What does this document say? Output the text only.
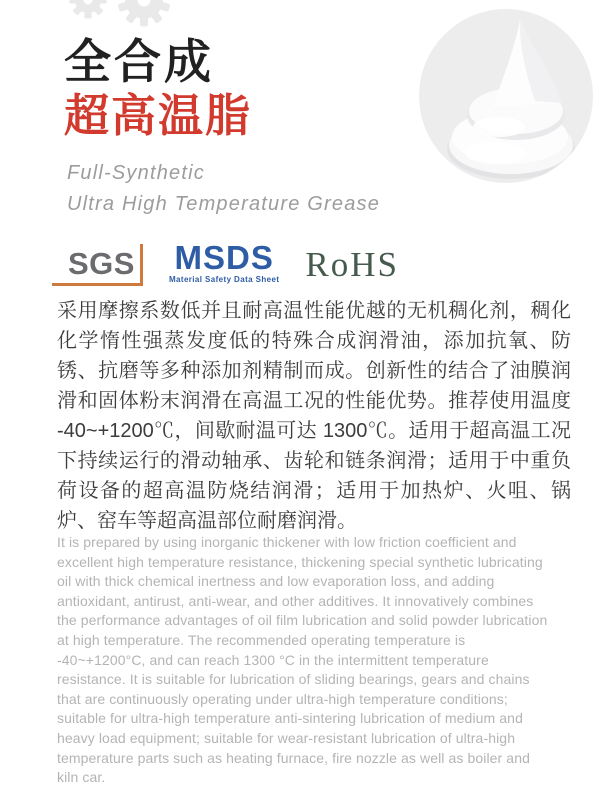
全合成
超高温脂
Full-Synthetic
Ultra High Temperature Grease
SGS MSDS
Material Safety Data Sheet RoHS
采用摩擦系数低并且耐高温性能优越的无机稠化剂，稠化化学惰性强蒸发度低的特殊合成润滑油，添加抗氧、防锈、抗磨等多种添加剂精制而成。创新性的结合了油膜润滑和固体粉末润滑在高温工况的性能优势。推荐使用温度 -40~+1200℃，间歇耐温可达 1300℃。适用于超高温工况下持续运行的滑动轴承、齿轮和链条润滑；适用于中重负荷设备的超高温防烧结润滑；适用于加热炉、火咀、锅炉、窑车等超高温部位耐磨润滑。
It is prepared by using inorganic thickener with low friction coefficient and excellent high temperature resistance, thickening special synthetic lubricating oil with thick chemical inertness and low evaporation loss, and adding antioxidant, antirust, anti-wear, and other additives. It innovatively combines the performance advantages of oil film lubrication and solid powder lubrication at high temperature. The recommended operating temperature is -40~+1200°C, and can reach 1300 °C in the intermittent temperature resistance. It is suitable for lubrication of sliding bearings, gears and chains that are continuously operating under ultra-high temperature conditions; suitable for ultra-high temperature anti-sintering lubrication of medium and heavy load equipment; suitable for wear-resistant lubrication of ultra-high temperature parts such as heating furnace, fire nozzle as well as boiler and kiln car.
